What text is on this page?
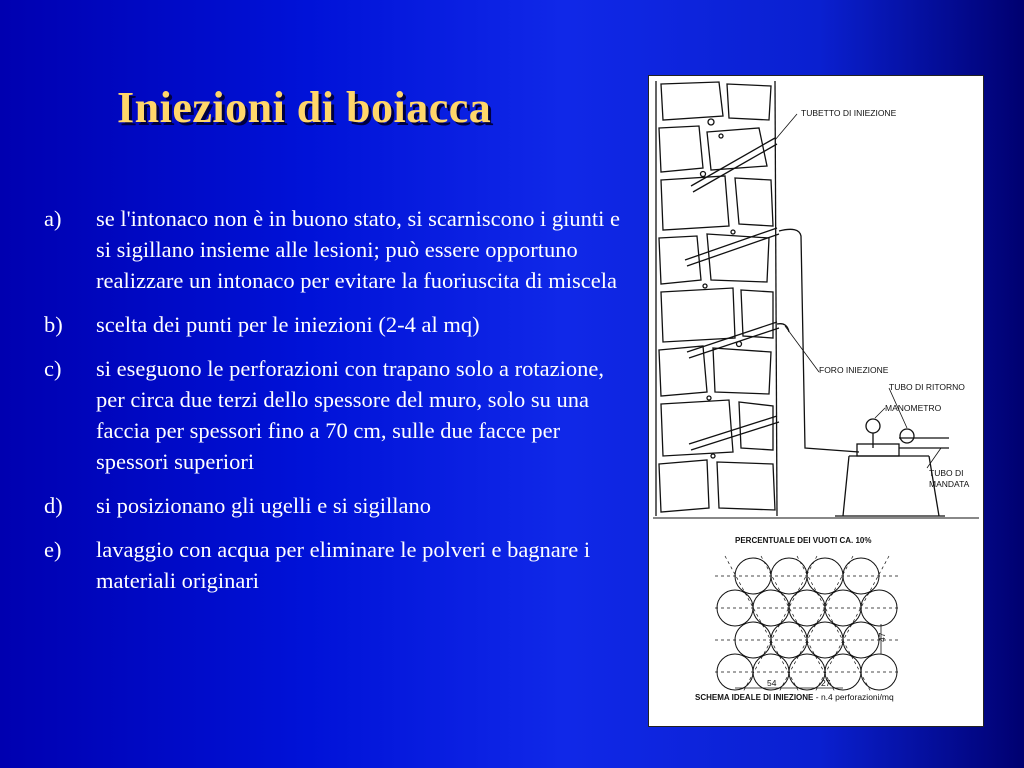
Iniezioni di boiacca
a) se l'intonaco non è in buono stato, si scarniscono i giunti e si sigillano insieme alle lesioni; può essere opportuno realizzare un intonaco per evitare la fuoriuscita di miscela
b) scelta dei punti per le iniezioni (2-4 al mq)
c) si eseguono le perforazioni con trapano solo a rotazione, per circa due terzi dello spessore del muro, solo su una faccia per spessori fino a 70 cm, sulle due facce per spessori superiori
d) si posizionano gli ugelli e si sigillano
e) lavaggio con acqua per eliminare le polveri e bagnare i materiali originari
TUBETTO DI INIEZIONE
FORO INIEZIONE
TUBO DI RITORNO
MANOMETRO
TUBO DI
MANDATA
PERCENTUALE DEI VUOTI CA. 10%
47
54	27
SCHEMA IDEALE DI INIEZIONE - n.4 perforazioni/mq
